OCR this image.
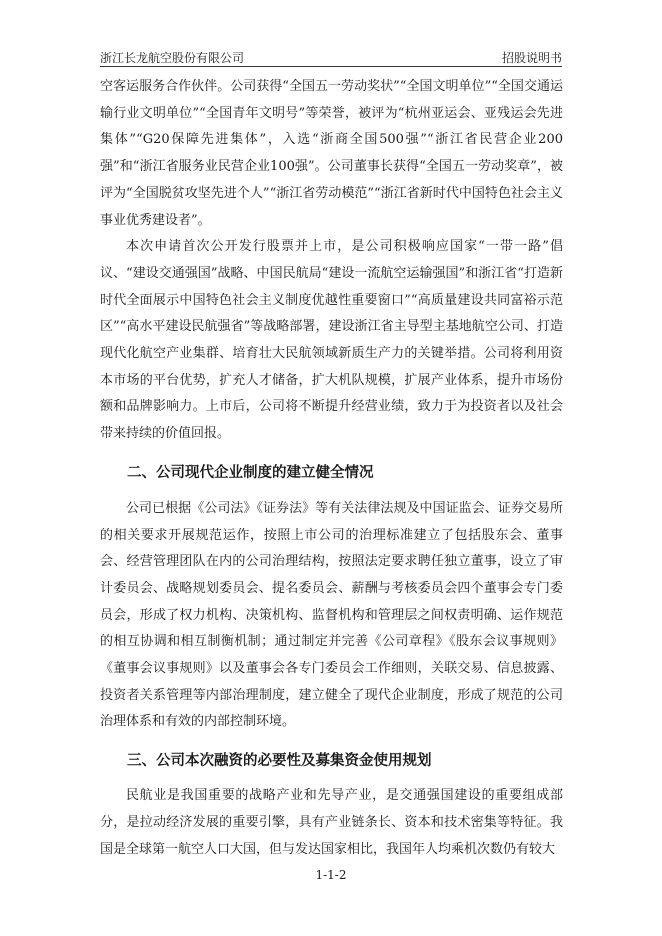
浙江长龙航空股份有限公司	招股说明书

空客运服务合作伙伴。公司获得“全国五一劳动奖状”“全国文明单位”“全国交通运输行业文明单位”“全国青年文明号”等荣誉，被评为“杭州亚运会、亚残运会先进集体”“G20保障先进集体”，入选“浙商全国500强”“浙江省民营企业200强”和“浙江省服务业民营企业100强”。公司董事长获得“全国五一劳动奖章”，被评为“全国脱贫攻坚先进个人”“浙江省劳动模范”“浙江省新时代中国特色社会主义事业优秀建设者”。

本次申请首次公开发行股票并上市，是公司积极响应国家“一带一路”倡议、“建设交通强国”战略、中国民航局“建设一流航空运输强国”和浙江省“打造新时代全面展示中国特色社会主义制度优越性重要窗口”“高质量建设共同富裕示范区”“高水平建设民航强省”等战略部署，建设浙江省主导型主基地航空公司、打造现代化航空产业集群、培育壮大民航领域新质生产力的关键举措。公司将利用资本市场的平台优势，扩充人才储备，扩大机队规模，扩展产业体系，提升市场份额和品牌影响力。上市后，公司将不断提升经营业绩，致力于为投资者以及社会带来持续的价值回报。

二、公司现代企业制度的建立健全情况

公司已根据《公司法》《证券法》等有关法律法规及中国证监会、证券交易所的相关要求开展规范运作，按照上市公司的治理标准建立了包括股东会、董事会、经营管理团队在内的公司治理结构，按照法定要求聘任独立董事，设立了审计委员会、战略规划委员会、提名委员会、薪酬与考核委员会四个董事会专门委员会，形成了权力机构、决策机构、监督机构和管理层之间权责明确、运作规范的相互协调和相互制衡机制；通过制定并完善《公司章程》《股东会议事规则》《董事会议事规则》以及董事会各专门委员会工作细则，关联交易、信息披露、投资者关系管理等内部治理制度，建立健全了现代企业制度，形成了规范的公司治理体系和有效的内部控制环境。

三、公司本次融资的必要性及募集资金使用规划

民航业是我国重要的战略产业和先导产业，是交通强国建设的重要组成部分，是拉动经济发展的重要引擎，具有产业链条长、资本和技术密集等特征。我国是全球第一航空人口大国，但与发达国家相比，我国年人均乘机次数仍有较大

1-1-2
